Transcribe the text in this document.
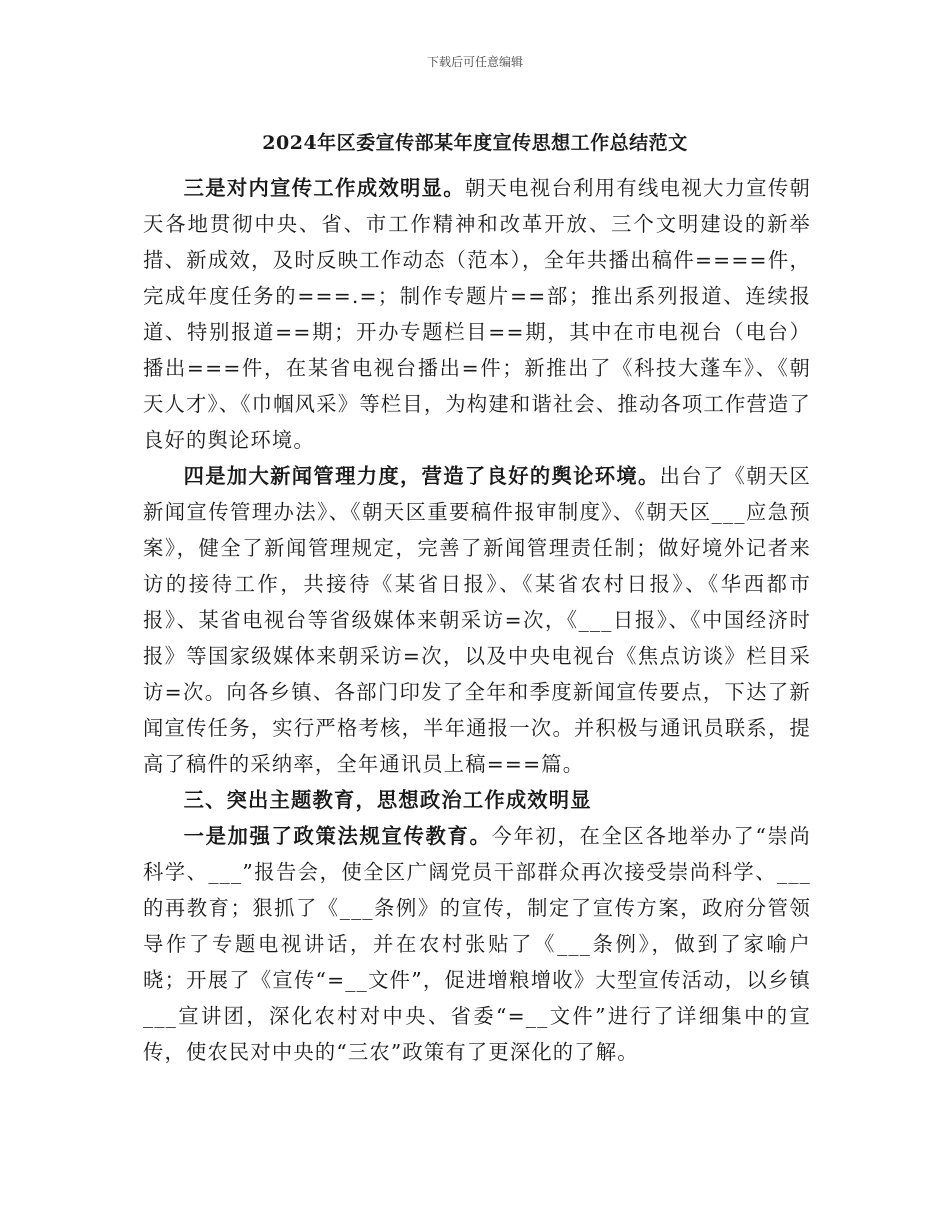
下载后可任意编辑
2024年区委宣传部某年度宣传思想工作总结范文

三是对内宣传工作成效明显。朝天电视台利用有线电视大力宣传朝天各地贯彻中央、省、市工作精神和改革开放、三个文明建设的新举措、新成效，及时反映工作动态（范本），全年共播出稿件====件，完成年度任务的===.=；制作专题片==部；推出系列报道、连续报道、特别报道==期；开办专题栏目==期，其中在市电视台（电台）播出===件，在某省电视台播出=件；新推出了《科技大蓬车》、《朝天人才》、《巾帼风采》等栏目，为构建和谐社会、推动各项工作营造了良好的舆论环境。

四是加大新闻管理力度，营造了良好的舆论环境。出台了《朝天区新闻宣传管理办法》、《朝天区重要稿件报审制度》、《朝天区___应急预案》，健全了新闻管理规定，完善了新闻管理责任制；做好境外记者来访的接待工作，共接待《某省日报》、《某省农村日报》、《华西都市报》、某省电视台等省级媒体来朝采访=次，《___日报》、《中国经济时报》等国家级媒体来朝采访=次，以及中央电视台《焦点访谈》栏目采访=次。向各乡镇、各部门印发了全年和季度新闻宣传要点，下达了新闻宣传任务，实行严格考核，半年通报一次。并积极与通讯员联系，提高了稿件的采纳率，全年通讯员上稿===篇。

三、突出主题教育，思想政治工作成效明显

一是加强了政策法规宣传教育。今年初，在全区各地举办了“崇尚科学、___”报告会，使全区广阔党员干部群众再次接受崇尚科学、___的再教育；狠抓了《___条例》的宣传，制定了宣传方案，政府分管领导作了专题电视讲话，并在农村张贴了《___条例》，做到了家喻户晓；开展了《宣传“=__文件”，促进增粮增收》大型宣传活动，以乡镇___宣讲团，深化农村对中央、省委“=__文件”进行了详细集中的宣传，使农民对中央的“三农”政策有了更深化的了解。
